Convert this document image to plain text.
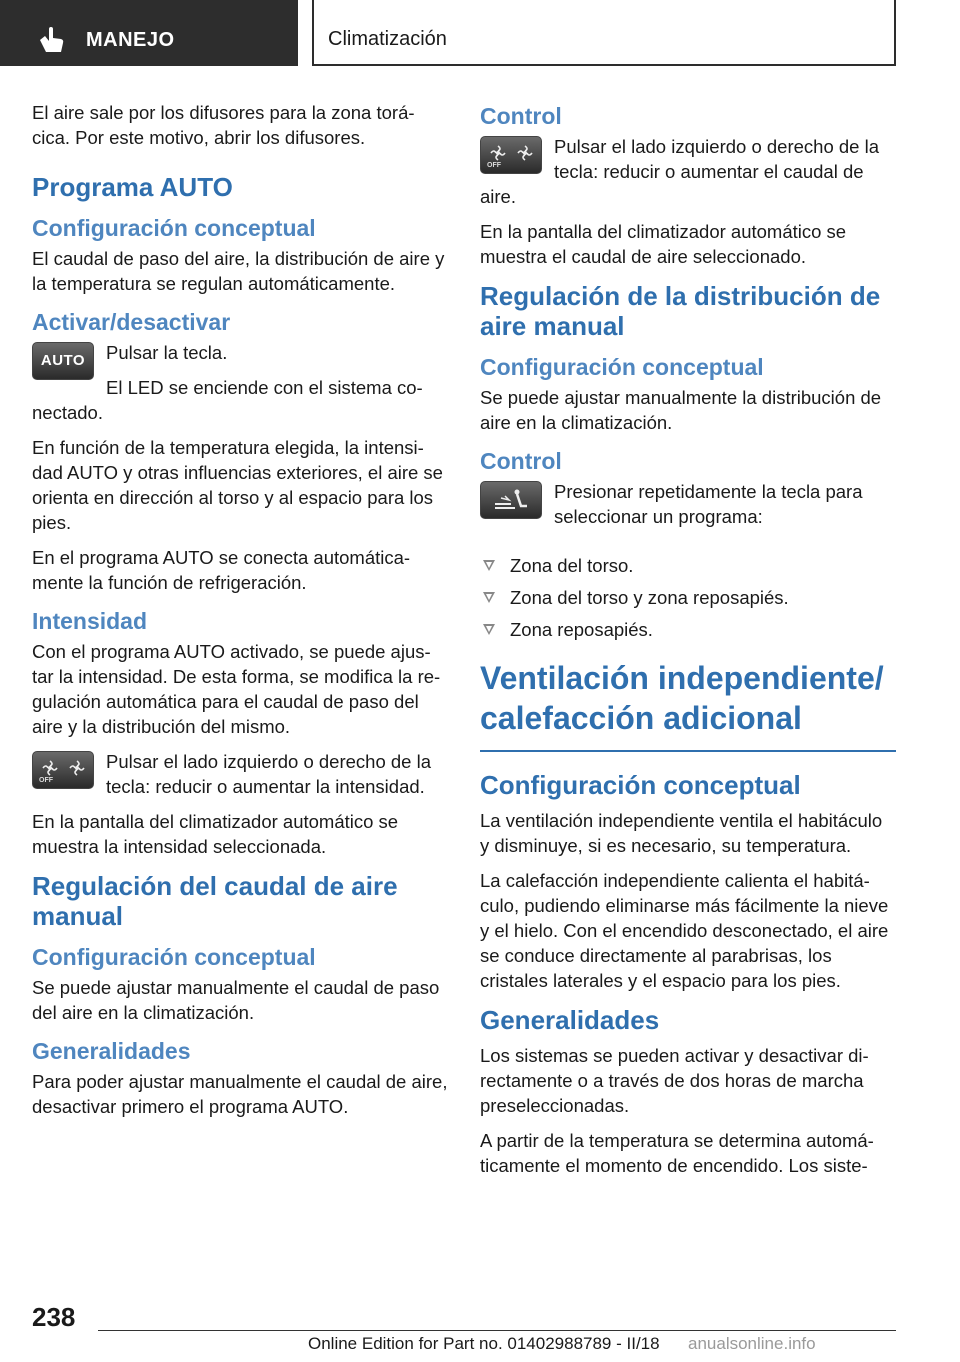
MANEJO	Climatización

El aire sale por los difusores para la zona torá-cica. Por este motivo, abrir los difusores.

Programa AUTO
Configuración conceptual

El caudal de paso del aire, la distribución de aire y la temperatura se regulan automáticamente.

Activar/desactivar
AUTO	Pulsar la tecla.

El LED se enciende con el sistema co-nectado.

En función de la temperatura elegida, la intensi-dad AUTO y otras influencias exteriores, el aire se orienta en dirección al torso y al espacio para los pies.

En el programa AUTO se conecta automática-mente la función de refrigeración.

Intensidad

Con el programa AUTO activado, se puede ajus-tar la intensidad. De esta forma, se modifica la re-gulación automática para el caudal de paso del aire y la distribución del mismo.

OFF

Pulsar el lado izquierdo o derecho de la tecla: reducir o aumentar la intensidad.

En la pantalla del climatizador automático se muestra la intensidad seleccionada.

Regulación del caudal de aire manual
Configuración conceptual

Se puede ajustar manualmente el caudal de paso del aire en la climatización.

Generalidades

Para poder ajustar manualmente el caudal de aire, desactivar primero el programa AUTO.

Control
OFF

Pulsar el lado izquierdo o derecho de la tecla: reducir o aumentar el caudal de aire.

En la pantalla del climatizador automático se muestra el caudal de aire seleccionado.

Regulación de la distribución de aire manual
Configuración conceptual

Se puede ajustar manualmente la distribución de aire en la climatización.

Control

Presionar repetidamente la tecla para seleccionar un programa:

Zona del torso.
Zona del torso y zona reposapiés.
Zona reposapiés.
Ventilación independiente/ calefacción adicional
Configuración conceptual

La ventilación independiente ventila el habitáculo y disminuye, si es necesario, su temperatura.

La calefacción independiente calienta el habitá-culo, pudiendo eliminarse más fácilmente la nieve y el hielo. Con el encendido desconectado, el aire se conduce directamente al parabrisas, los cristales laterales y el espacio para los pies.

Generalidades

Los sistemas se pueden activar y desactivar di-rectamente o a través de dos horas de marcha preseleccionadas.

A partir de la temperatura se determina automá-ticamente el momento de encendido. Los siste-

238
Online Edition for Part no. 01402988789 - II/18 anualsonline.info
